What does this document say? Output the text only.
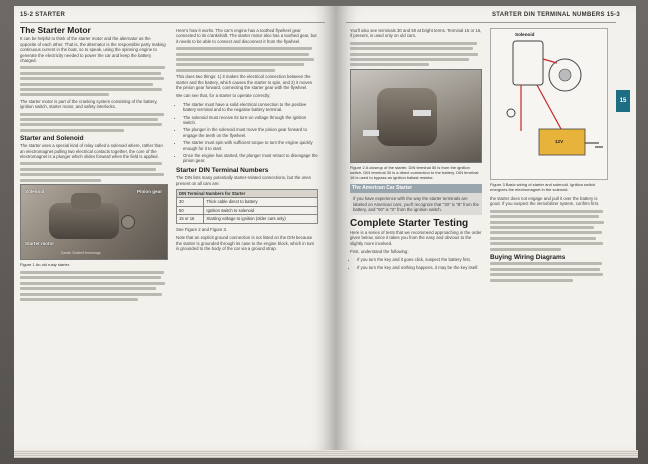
15-2 STARTER
The Starter Motor

It can be helpful to think of the starter motor and the alternator as the opposite of each other. That is, the alternator is the responsible party making continuous current in the boat, so to speak, using the spinning engine to generate the electricity needed to power the car and keep the battery charged.

The starter motor is part of the cranking system consisting of the battery, ignition switch, starter motor, and safety interlocks.

Starter and Solenoid

The starter uses a special kind of relay called a solenoid where, rather than an electromagnet pulling two electrical contacts together, the core of the electromagnet is a plunger which slides forward when the field is applied.

Solenoid	Pinion gear
Starter motor
Daniel Stoller/Hemmings
Figure 1 An old rusty starter.

Here's how it works. The car's engine has a toothed flywheel gear connected to its crankshaft. The starter motor also has a toothed gear, but it needs to be able to connect and disconnect it from the flywheel.

This does two things: 1) it makes the electrical connection between the starter and the battery, which causes the starter to spin, and 2) it moves the pinion gear forward, connecting the starter gear with the flywheel.

We can see that, for a starter to operate correctly:

• The starter must have a solid electrical connection to the positive battery terminal and to the negative battery terminal.
• The solenoid must receive its turn-on voltage through the ignition switch.
• The plunger in the solenoid must move the pinion gear forward to engage the teeth on the flywheel.
• The starter must spin with sufficient torque to turn the engine quickly enough for it to start.
• Once the engine has started, the plunger must retract to disengage the pinion gear.
Starter DIN Terminal Numbers

The DIN lists many potentially starter-related connections, but the ones present on all cars are:

DIN Terminal Numbers for Starter	
30	Thick cable direct to battery
50	Ignition switch to solenoid
15 or 16	Starting voltage to ignition (older cars only)

See Figure 2 and Figure 3.

Note that an explicit ground connection is not listed on the DIN because the starter is grounded through its case to the engine block, which in turn is grounded to the body of the car via a ground strap.

STARTER DIN TERMINAL NUMBERS 15-3
15

You'll also see terminals 30 and 50 at bright terms. Terminal 15 or 16, if present, is used only on old cars.

Figure 2 A closeup of the starter. DIN terminal 50 is from the ignition switch. DIN terminal 30 is a direct connection to the battery. DIN terminal 16 is used to bypass an ignition ballast resistor.
The American Car Starter

If you have experience with the way the starter terminals are labeled on American cars, you'll recognize that "30" is "B" from the battery, and "50" is "S" from the ignition switch.

Complete Starter Testing

Here is a series of tests that we recommend approaching in the order given below, since it takes you from the easy and obvious to the slightly more involved.

First, understand the following:

• If you turn the key and it goes click, suspect the battery first.
• If you turn the key and nothing happens, it may be the key itself.
Solenoid
12V
Figure 3 Basic wiring of starter and solenoid. Ignition switch energizes the electromagnet in the solenoid.

the starter does not engage and pull it over the battery is good. If you suspect the immobilizer system, confirm first.

Buying Wiring Diagrams
